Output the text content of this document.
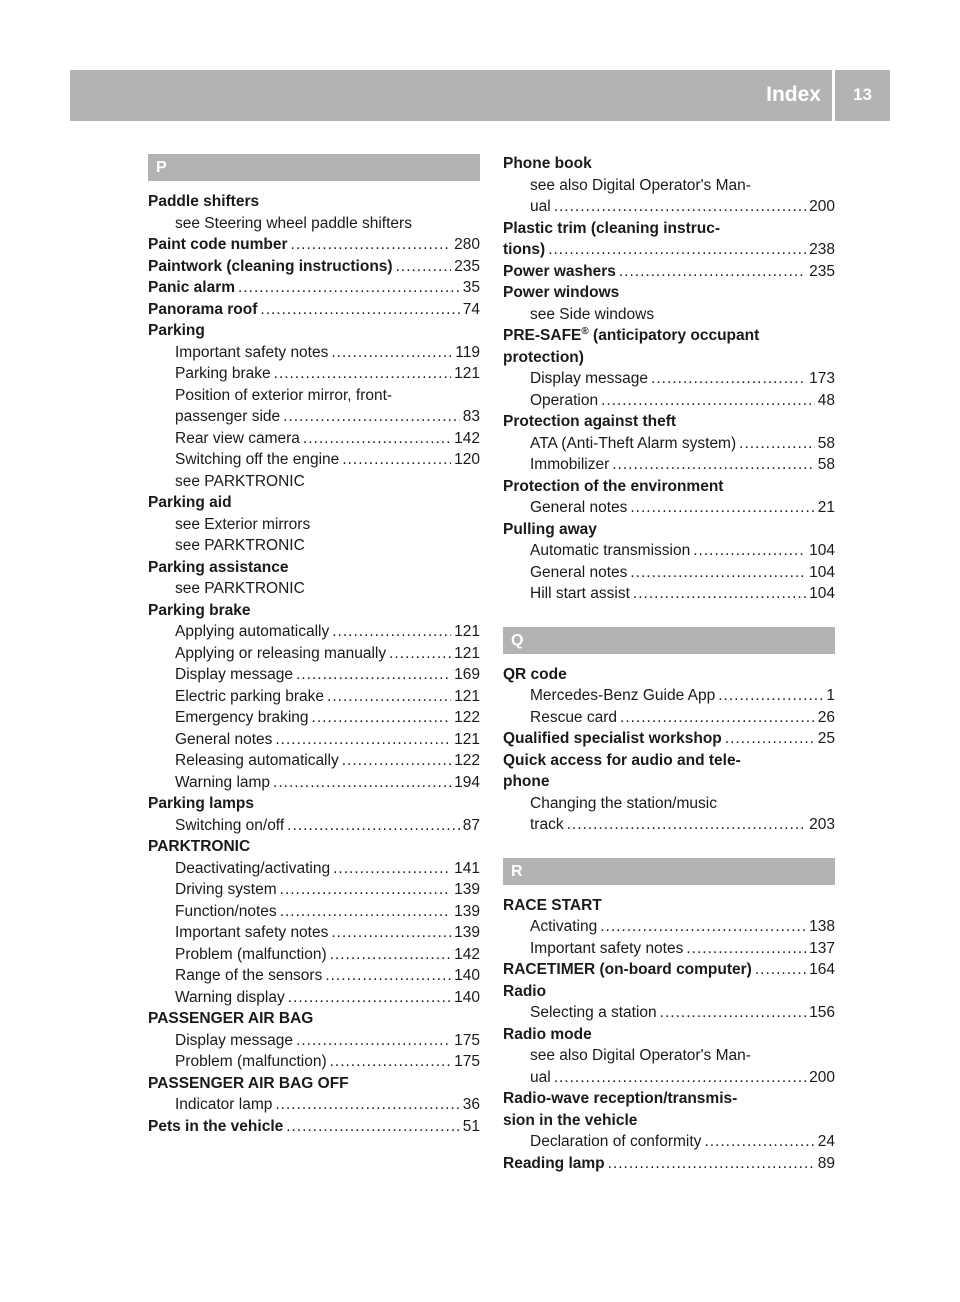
Index	13
P
Paddle shifters
see Steering wheel paddle shifters
Paint code number .....	280
Paintwork (cleaning instructions) .....	235
Panic alarm .....	35
Panorama roof .....	74
Parking
Important safety notes .....	119
Parking brake .....	121
Position of exterior mirror, front-
passenger side .....	83
Rear view camera .....	142
Switching off the engine .....	120
see PARKTRONIC
Parking aid
see Exterior mirrors
see PARKTRONIC
Parking assistance
see PARKTRONIC
Parking brake
Applying automatically .....	121
Applying or releasing manually .....	121
Display message .....	169
Electric parking brake .....	121
Emergency braking .....	122
General notes .....	121
Releasing automatically .....	122
Warning lamp .....	194
Parking lamps
Switching on/off .....	87
PARKTRONIC
Deactivating/activating .....	141
Driving system .....	139
Function/notes .....	139
Important safety notes .....	139
Problem (malfunction) .....	142
Range of the sensors .....	140
Warning display .....	140
PASSENGER AIR BAG
Display message .....	175
Problem (malfunction) .....	175
PASSENGER AIR BAG OFF
Indicator lamp .....	36
Pets in the vehicle .....	51
Phone book
see also Digital Operator's Man-
ual .....	200
Plastic trim (cleaning instruc-
tions) .....	238
Power washers .....	235
Power windows
see Side windows
PRE-SAFE® (anticipatory occupant
protection)
Display message .....	173
Operation .....	48
Protection against theft
ATA (Anti-Theft Alarm system) .....	58
Immobilizer .....	58
Protection of the environment
General notes .....	21
Pulling away
Automatic transmission .....	104
General notes .....	104
Hill start assist .....	104
Q
QR code
Mercedes-Benz Guide App .....	1
Rescue card .....	26
Qualified specialist workshop .....	25
Quick access for audio and tele-
phone
Changing the station/music
track .....	203
R
RACE START
Activating .....	138
Important safety notes .....	137
RACETIMER (on-board computer) .....	164
Radio
Selecting a station .....	156
Radio mode
see also Digital Operator's Man-
ual .....	200
Radio-wave reception/transmis-
sion in the vehicle
Declaration of conformity .....	24
Reading lamp .....	89
